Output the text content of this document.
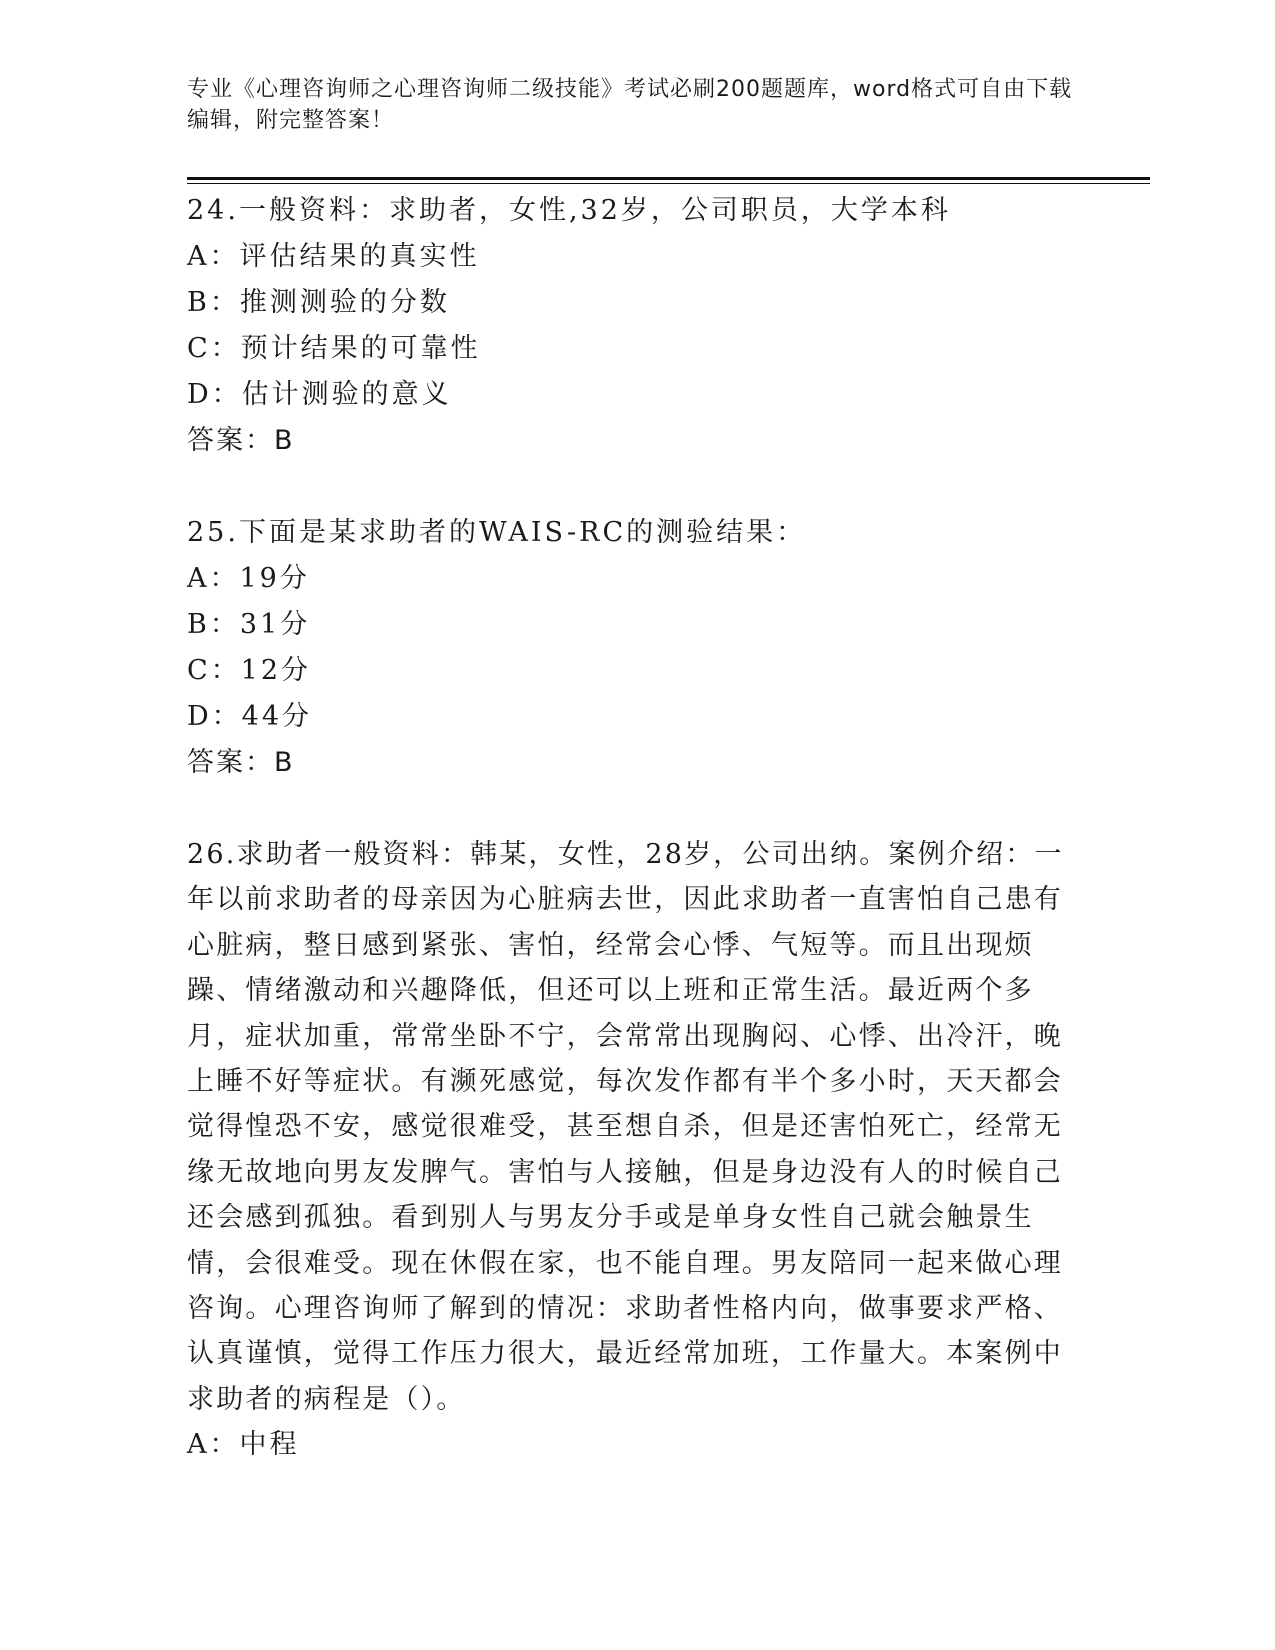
专业《心理咨询师之心理咨询师二级技能》考试必刷200题题库，word格式可自由下载编辑，附完整答案！
24.一般资料：求助者，女性,32岁，公司职员，大学本科
A：评估结果的真实性
B：推测测验的分数
C：预计结果的可靠性
D：估计测验的意义
答案：B
25.下面是某求助者的WAIS-RC的测验结果：
A：19分
B：31分
C：12分
D：44分
答案：B
26.求助者一般资料：韩某，女性，28岁，公司出纳。案例介绍：一年以前求助者的母亲因为心脏病去世，因此求助者一直害怕自己患有心脏病，整日感到紧张、害怕，经常会心悸、气短等。而且出现烦躁、情绪激动和兴趣降低，但还可以上班和正常生活。最近两个多月，症状加重，常常坐卧不宁，会常常出现胸闷、心悸、出冷汗，晚上睡不好等症状。有濒死感觉，每次发作都有半个多小时，天天都会觉得惶恐不安，感觉很难受，甚至想自杀，但是还害怕死亡，经常无缘无故地向男友发脾气。害怕与人接触，但是身边没有人的时候自己还会感到孤独。看到别人与男友分手或是单身女性自己就会触景生情，会很难受。现在休假在家，也不能自理。男友陪同一起来做心理咨询。心理咨询师了解到的情况：求助者性格内向，做事要求严格、认真谨慎，觉得工作压力很大，最近经常加班，工作量大。本案例中求助者的病程是（）。
A：中程
